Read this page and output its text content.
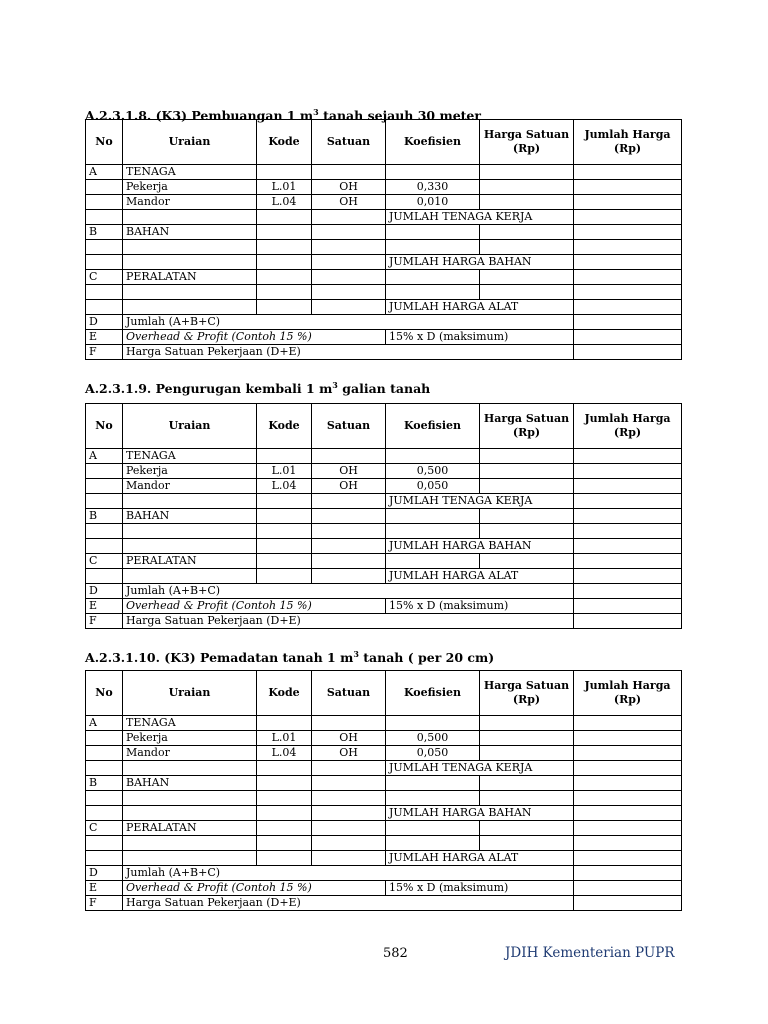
A.2.3.1.8. (K3) Pembuangan 1 $m^3$ tanah sejauh 30 meter
No	Uraian	Kode	Satuan	Koefisien	Harga Satuan (Rp)	Jumlah Harga (Rp)
A	TENAGA					
	Pekerja	L.01	OH	0,330		
	Mandor	L.04	OH	0,010		
				JUMLAH TENAGA KERJA		
B	BAHAN					

				JUMLAH HARGA BAHAN		
C	PERALATAN					

				JUMLAH HARGA ALAT		
D	Jumlah (A+B+C)					
E	Overhead & Profit (Contoh 15 %)			15% x D (maksimum)		
F	Harga Satuan Pekerjaan (D+E)					
A.2.3.1.9. Pengurugan kembali 1 $m^3$ galian tanah
No	Uraian	Kode	Satuan	Koefisien	Harga Satuan (Rp)	Jumlah Harga (Rp)
A	TENAGA					
	Pekerja	L.01	OH	0,500		
	Mandor	L.04	OH	0,050		
				JUMLAH TENAGA KERJA		
B	BAHAN					

				JUMLAH HARGA BAHAN		
C	PERALATAN					
				JUMLAH HARGA ALAT		
D	Jumlah (A+B+C)					
E	Overhead & Profit (Contoh 15 %)			15% x D (maksimum)		
F	Harga Satuan Pekerjaan (D+E)					
A.2.3.1.10. (K3) Pemadatan tanah 1 $m^3$ tanah ( per 20 cm)
No	Uraian	Kode	Satuan	Koefisien	Harga Satuan (Rp)	Jumlah Harga (Rp)
A	TENAGA					
	Pekerja	L.01	OH	0,500		
	Mandor	L.04	OH	0,050		
				JUMLAH TENAGA KERJA		
B	BAHAN					

				JUMLAH HARGA BAHAN		
C	PERALATAN					

				JUMLAH HARGA ALAT		
D	Jumlah (A+B+C)					
E	Overhead & Profit (Contoh 15 %)			15% x D (maksimum)		
F	Harga Satuan Pekerjaan (D+E)					
582	JDIH Kementerian PUPR
